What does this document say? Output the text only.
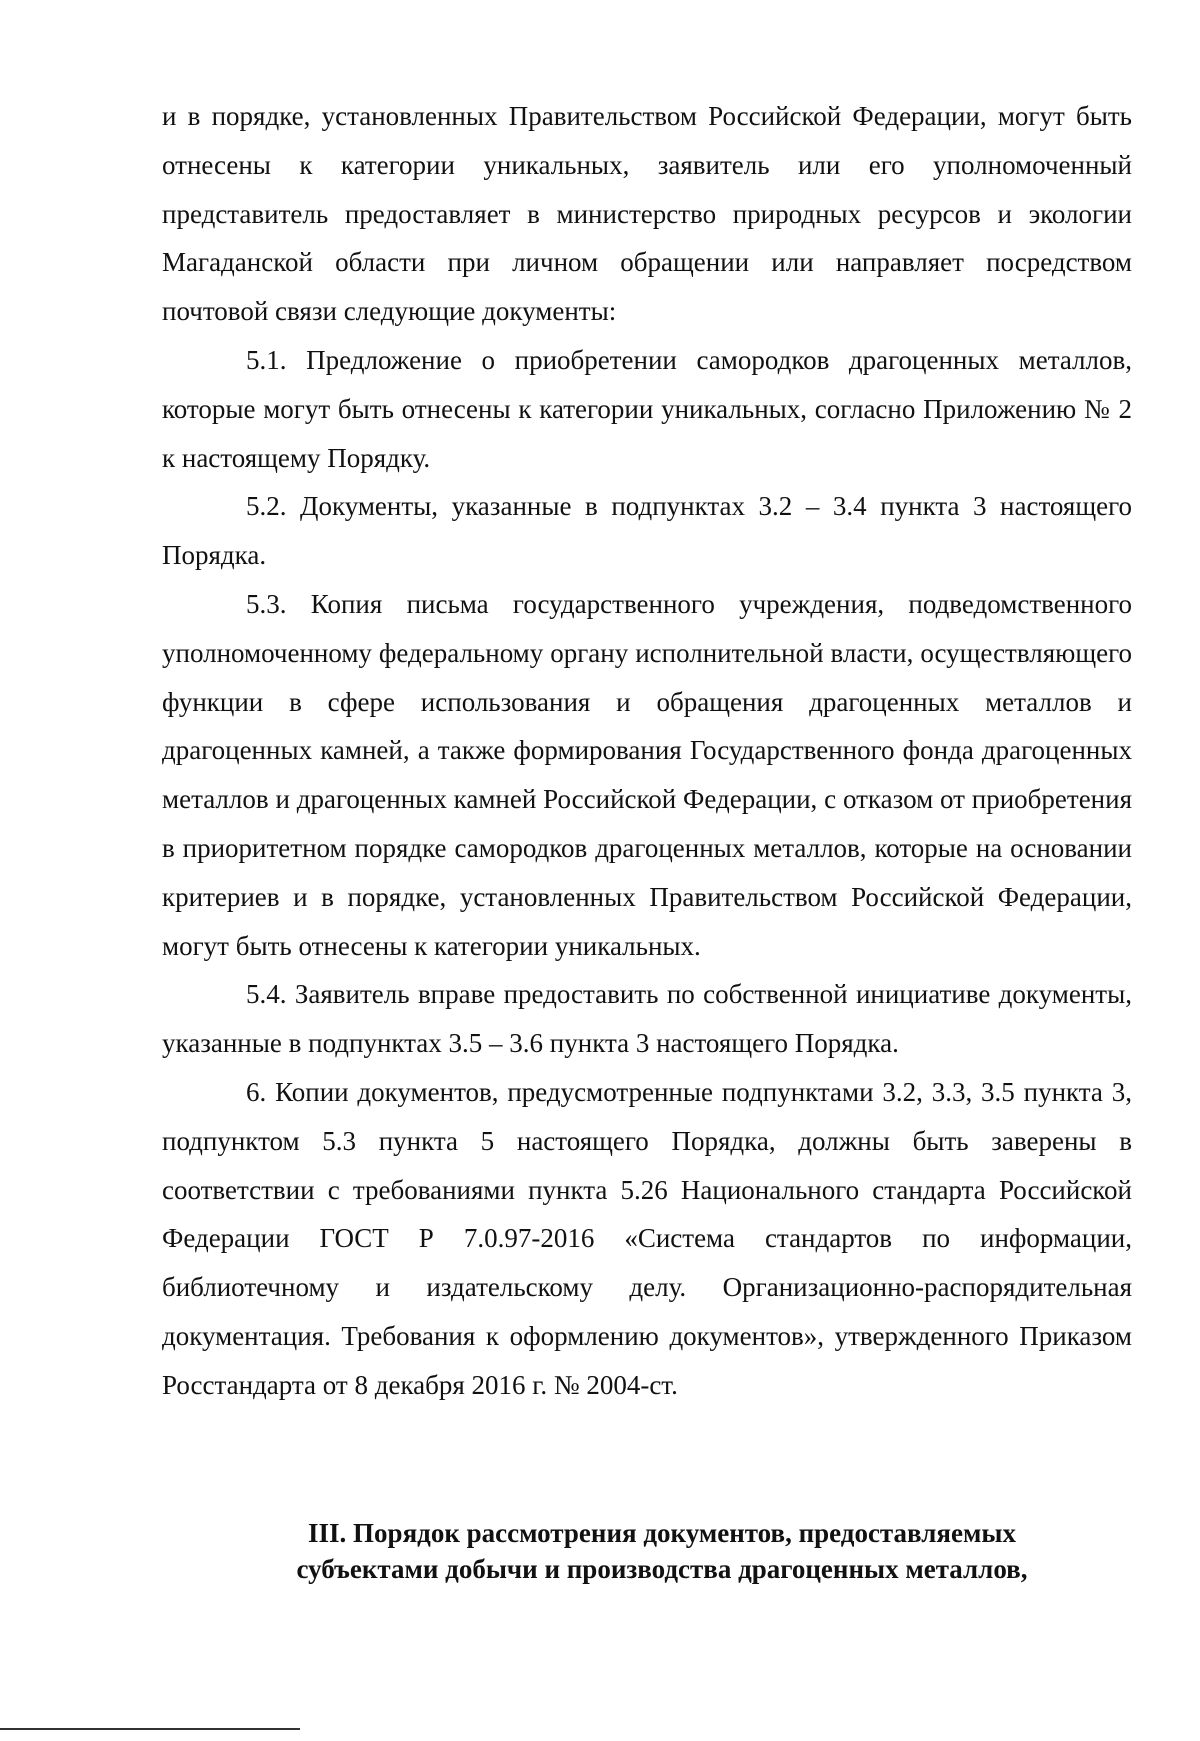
и в порядке, установленных Правительством Российской Федерации, могут быть отнесены к категории уникальных, заявитель или его уполномоченный представитель предоставляет в министерство природных ресурсов и экологии Магаданской области при личном обращении или направляет посредством почтовой связи следующие документы:

5.1. Предложение о приобретении самородков драгоценных металлов, которые могут быть отнесены к категории уникальных, согласно Приложению № 2 к настоящему Порядку.

5.2. Документы, указанные в подпунктах 3.2 – 3.4 пункта 3 настоящего Порядка.

5.3. Копия письма государственного учреждения, подведомственного уполномоченному федеральному органу исполнительной власти, осуществляющего функции в сфере использования и обращения драгоценных металлов и драгоценных камней, а также формирования Государственного фонда драгоценных металлов и драгоценных камней Российской Федерации, с отказом от приобретения в приоритетном порядке самородков драгоценных металлов, которые на основании критериев и в порядке, установленных Правительством Российской Федерации, могут быть отнесены к категории уникальных.

5.4. Заявитель вправе предоставить по собственной инициативе документы, указанные в подпунктах 3.5 – 3.6 пункта 3 настоящего Порядка.

6. Копии документов, предусмотренные подпунктами 3.2, 3.3, 3.5 пункта 3, подпунктом 5.3 пункта 5 настоящего Порядка, должны быть заверены в соответствии с требованиями пункта 5.26 Национального стандарта Российской Федерации ГОСТ Р 7.0.97-2016 «Система стандартов по информации, библиотечному и издательскому делу. Организационно-распорядительная документация. Требования к оформлению документов», утвержденного Приказом Росстандарта от 8 декабря 2016 г. № 2004-ст.

III. Порядок рассмотрения документов, предоставляемых
субъектами добычи и производства драгоценных металлов,
